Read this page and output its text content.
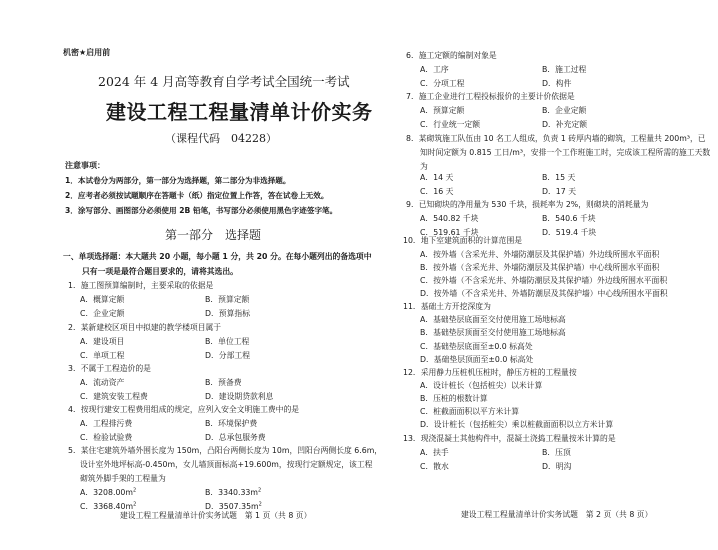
机密★启用前
2024 年 4 月高等教育自学考试全国统一考试
建设工程工程量清单计价实务
（课程代码　04228）
注意事项：
1．本试卷分为两部分，第一部分为选择题，第二部分为非选择题。
2．应考者必须按试题顺序在答题卡（纸）指定位置上作答，答在试卷上无效。
3．涂写部分、画图部分必须使用 2B 铅笔，书写部分必须使用黑色字迹签字笔。
第一部分　选择题
一、单项选择题：本大题共 20 小题，每小题 1 分，共 20 分。在每小题列出的备选项中
只有一项是最符合题目要求的，请将其选出。
1．施工图预算编制时，主要采取的依据是
A．概算定额	B．预算定额
C．企业定额	D．预算指标
2．某新建校区项目中拟建的教学楼项目属于
A．建设项目	B．单位工程
C．单项工程	D．分部工程
3．不属于工程造价的是
A．流动资产	B．预备费
C．建筑安装工程费	D．建设期贷款利息
4．按现行建安工程费用组成的规定，应列入安全文明施工费中的是
A．工程排污费	B．环境保护费
C．检验试验费	D．总承包服务费
5．某住宅建筑外墙外围长度为 150m，凸阳台两侧长度为 10m，凹阳台两侧长度 6.6m，
设计室外地坪标高-0.450m，女儿墙顶面标高+19.600m，按现行定额规定，该工程
砌筑外脚手架的工程量为
A．$3208.00m^2$	B．$3340.33m^2$
C．$3368.40m^2$	D．$3507.35m^2$
建设工程工程量清单计价实务试题　第 1 页（共 8 页）
6．施工定额的编制对象是
A．工序	B．施工过程
C．分项工程	D．构件
7．施工企业进行工程投标报价的主要计价依据是
A．预算定额	B．企业定额
C．行业统一定额	D．补充定额
8．某砌筑施工队伍由 10 名工人组成，负责 1 砖厚内墙的砌筑，工程量共 200m³，已
知时间定额为 0.815 工日/m³，安排一个工作班施工时，完成该工程所需的施工天数
为
A．14 天	B．15 天
C．16 天	D．17 天
9．已知砌块的净用量为 530 千块，损耗率为 2%，则砌块的消耗量为
A．540.82 千块	B．540.6 千块
C．519.61 千块	D．519.4 千块
10．地下室建筑面积的计算范围是
A．按外墙（含采光井、外墙防潮层及其保护墙）外边线所围水平面积
B．按外墙（含采光井、外墙防潮层及其保护墙）中心线所围水平面积
C．按外墙（不含采光井、外墙防潮层及其保护墙）外边线所围水平面积
D．按外墙（不含采光井、外墙防潮层及其保护墙）中心线所围水平面积
11．基础土方开挖深度为
A．基础垫层底面至交付使用施工场地标高
B．基础垫层顶面至交付使用施工场地标高
C．基础垫层底面至±0.0 标高处
D．基础垫层顶面至±0.0 标高处
12．采用静力压桩机压桩时，静压方桩的工程量按
A．设计桩长（包括桩尖）以米计算
B．压桩的根数计算
C．桩截面面积以平方米计算
D．设计桩长（包括桩尖）乘以桩截面面积以立方米计算
13．现浇混凝土其他构件中，混凝土浇捣工程量按米计算的是
A．扶手	B．压顶
C．散水	D．明沟
建设工程工程量清单计价实务试题　第 2 页（共 8 页）
